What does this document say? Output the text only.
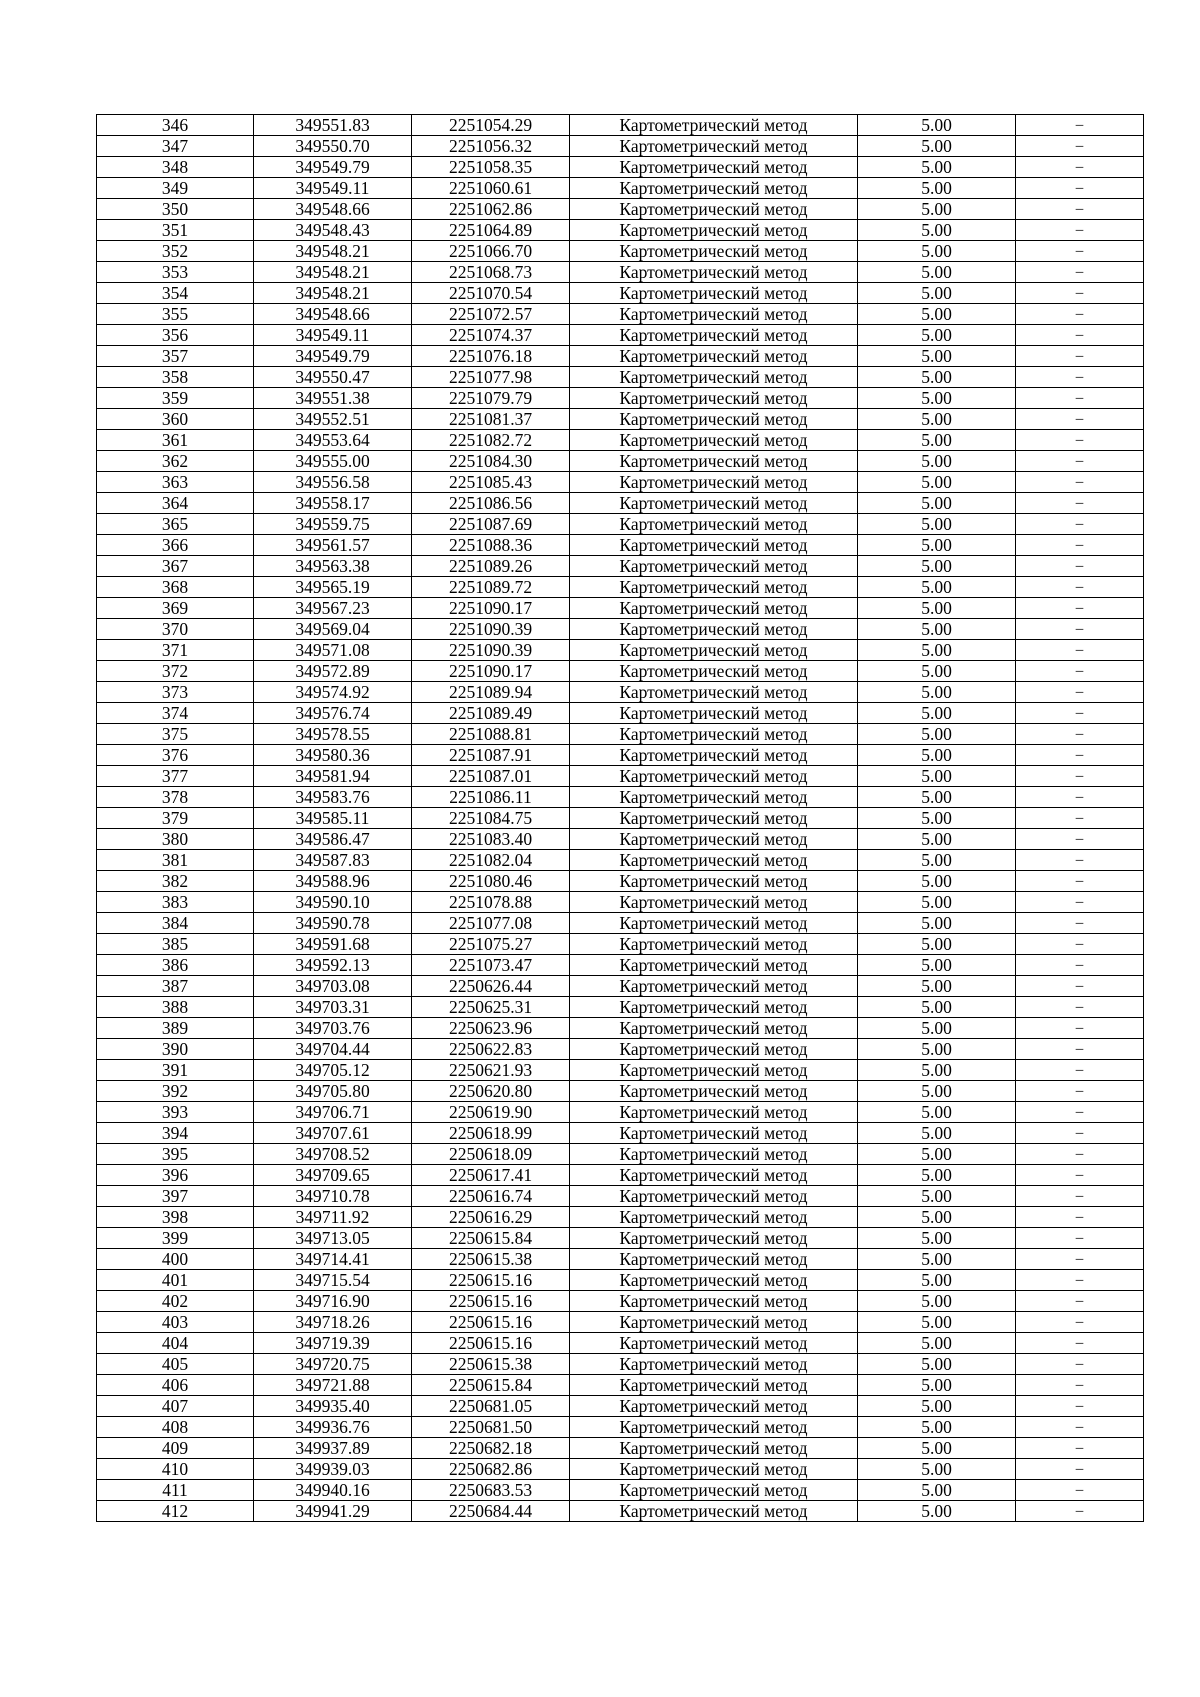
346	349551.83	2251054.29	Картометрический метод	5.00	–
347	349550.70	2251056.32	Картометрический метод	5.00	–
348	349549.79	2251058.35	Картометрический метод	5.00	–
349	349549.11	2251060.61	Картометрический метод	5.00	–
350	349548.66	2251062.86	Картометрический метод	5.00	–
351	349548.43	2251064.89	Картометрический метод	5.00	–
352	349548.21	2251066.70	Картометрический метод	5.00	–
353	349548.21	2251068.73	Картометрический метод	5.00	–
354	349548.21	2251070.54	Картометрический метод	5.00	–
355	349548.66	2251072.57	Картометрический метод	5.00	–
356	349549.11	2251074.37	Картометрический метод	5.00	–
357	349549.79	2251076.18	Картометрический метод	5.00	–
358	349550.47	2251077.98	Картометрический метод	5.00	–
359	349551.38	2251079.79	Картометрический метод	5.00	–
360	349552.51	2251081.37	Картометрический метод	5.00	–
361	349553.64	2251082.72	Картометрический метод	5.00	–
362	349555.00	2251084.30	Картометрический метод	5.00	–
363	349556.58	2251085.43	Картометрический метод	5.00	–
364	349558.17	2251086.56	Картометрический метод	5.00	–
365	349559.75	2251087.69	Картометрический метод	5.00	–
366	349561.57	2251088.36	Картометрический метод	5.00	–
367	349563.38	2251089.26	Картометрический метод	5.00	–
368	349565.19	2251089.72	Картометрический метод	5.00	–
369	349567.23	2251090.17	Картометрический метод	5.00	–
370	349569.04	2251090.39	Картометрический метод	5.00	–
371	349571.08	2251090.39	Картометрический метод	5.00	–
372	349572.89	2251090.17	Картометрический метод	5.00	–
373	349574.92	2251089.94	Картометрический метод	5.00	–
374	349576.74	2251089.49	Картометрический метод	5.00	–
375	349578.55	2251088.81	Картометрический метод	5.00	–
376	349580.36	2251087.91	Картометрический метод	5.00	–
377	349581.94	2251087.01	Картометрический метод	5.00	–
378	349583.76	2251086.11	Картометрический метод	5.00	–
379	349585.11	2251084.75	Картометрический метод	5.00	–
380	349586.47	2251083.40	Картометрический метод	5.00	–
381	349587.83	2251082.04	Картометрический метод	5.00	–
382	349588.96	2251080.46	Картометрический метод	5.00	–
383	349590.10	2251078.88	Картометрический метод	5.00	–
384	349590.78	2251077.08	Картометрический метод	5.00	–
385	349591.68	2251075.27	Картометрический метод	5.00	–
386	349592.13	2251073.47	Картометрический метод	5.00	–
387	349703.08	2250626.44	Картометрический метод	5.00	–
388	349703.31	2250625.31	Картометрический метод	5.00	–
389	349703.76	2250623.96	Картометрический метод	5.00	–
390	349704.44	2250622.83	Картометрический метод	5.00	–
391	349705.12	2250621.93	Картометрический метод	5.00	–
392	349705.80	2250620.80	Картометрический метод	5.00	–
393	349706.71	2250619.90	Картометрический метод	5.00	–
394	349707.61	2250618.99	Картометрический метод	5.00	–
395	349708.52	2250618.09	Картометрический метод	5.00	–
396	349709.65	2250617.41	Картометрический метод	5.00	–
397	349710.78	2250616.74	Картометрический метод	5.00	–
398	349711.92	2250616.29	Картометрический метод	5.00	–
399	349713.05	2250615.84	Картометрический метод	5.00	–
400	349714.41	2250615.38	Картометрический метод	5.00	–
401	349715.54	2250615.16	Картометрический метод	5.00	–
402	349716.90	2250615.16	Картометрический метод	5.00	–
403	349718.26	2250615.16	Картометрический метод	5.00	–
404	349719.39	2250615.16	Картометрический метод	5.00	–
405	349720.75	2250615.38	Картометрический метод	5.00	–
406	349721.88	2250615.84	Картометрический метод	5.00	–
407	349935.40	2250681.05	Картометрический метод	5.00	–
408	349936.76	2250681.50	Картометрический метод	5.00	–
409	349937.89	2250682.18	Картометрический метод	5.00	–
410	349939.03	2250682.86	Картометрический метод	5.00	–
411	349940.16	2250683.53	Картометрический метод	5.00	–
412	349941.29	2250684.44	Картометрический метод	5.00	–
